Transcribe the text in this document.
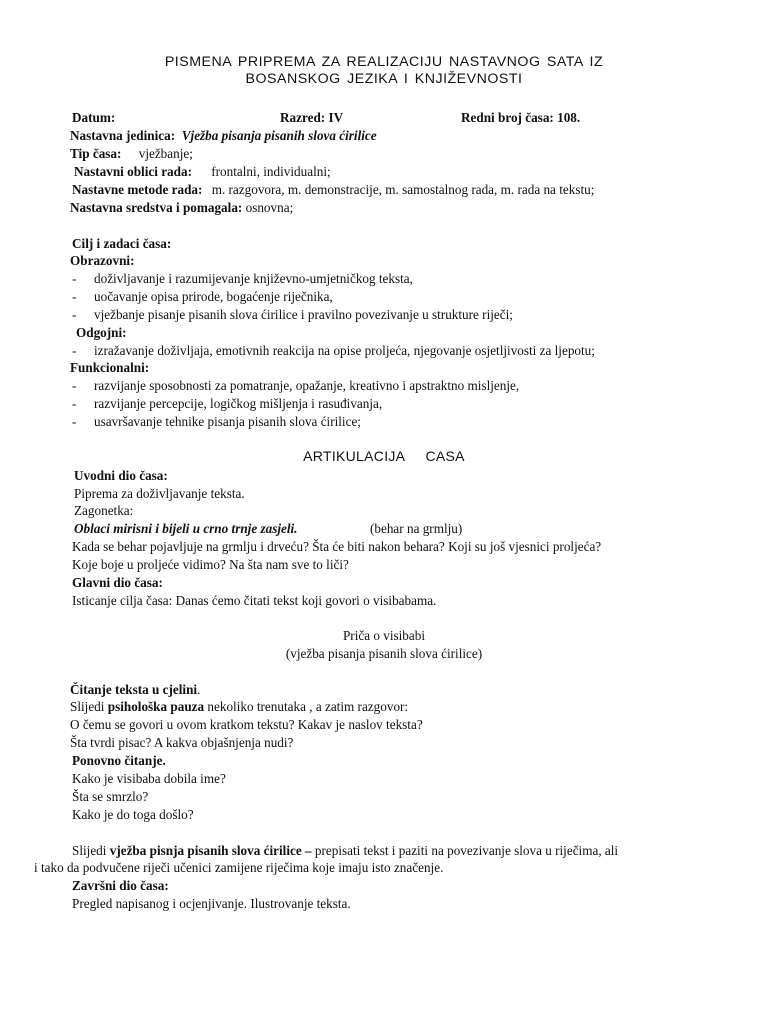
PISMENA PRIPREMA ZA REALIZACIJU NASTAVNOG SATA IZ
BOSANSKOG JEZIKA I KNJIŽEVNOSTI
Datum:	Razred: IV	Redni broj časa: 108.
Nastavna jedinica: Vježba pisanja pisanih slova ćirilice
Tip časa: vježbanje;
Nastavni oblici rada: frontalni, individualni;
Nastavne metode rada: m. razgovora, m. demonstracije, m. samostalnog rada, m. rada na tekstu;
Nastavna sredstva i pomagala: osnovna;
Cilj i zadaci časa:
Obrazovni:
- doživljavanje i razumijevanje književno-umjetničkog teksta,
- uočavanje opisa prirode, bogaćenje riječnika,
- vježbanje pisanje pisanih slova ćirilice i pravilno povezivanje u strukture riječi;
Odgojni:
- izražavanje doživljaja, emotivnih reakcija na opise proljeća, njegovanje osjetljivosti za ljepotu;
Funkcionalni:
- razvijanje sposobnosti za pomatranje, opažanje, kreativno i apstraktno mislјenje,
- razvijanje percepcije, logičkog mišljenja i rasuđivanja,
- usavršavanje tehnike pisanja pisanih slova ćirilice;
ARTIKULACIJA     CASA
Uvodni dio časa:
Piprema za doživljavanje teksta.
Zagonetka:
Oblaci mirisni i bijeli u crno trnje zasjeli.	(behar na grmlju)
Kada se behar pojavljuje na grmlju i drveću? Šta će biti nakon behara? Koji su još vjesnici proljeća?
Koje boje u proljeće vidimo? Na šta nam sve to liči?
Glavni dio časa:
Isticanje cilja časa: Danas ćemo čitati tekst koji govori o visibabama.
Priča o visibabi
(vježba pisanja pisanih slova ćirilice)
Čitanje teksta u cjelini.
Slijedi psihološka pauza nekoliko trenutaka , a zatim razgovor:
O čemu se govori u ovom kratkom tekstu? Kakav je naslov teksta?
Šta tvrdi pisac? A kakva objašnjenja nudi?
Ponovno čitanje.
Kako je visibaba dobila ime?
Šta se smrzlo?
Kako je do toga došlo?
Slijedi vježba pisnja pisanih slova ćirilice – prepisati tekst i paziti na povezivanje slova u riječima, ali
i tako da podvučene riječi učenici zamijene riječima koje imaju isto značenje.
Završni dio časa:
Pregled napisanog i ocjenjivanje. Ilustrovanje teksta.
